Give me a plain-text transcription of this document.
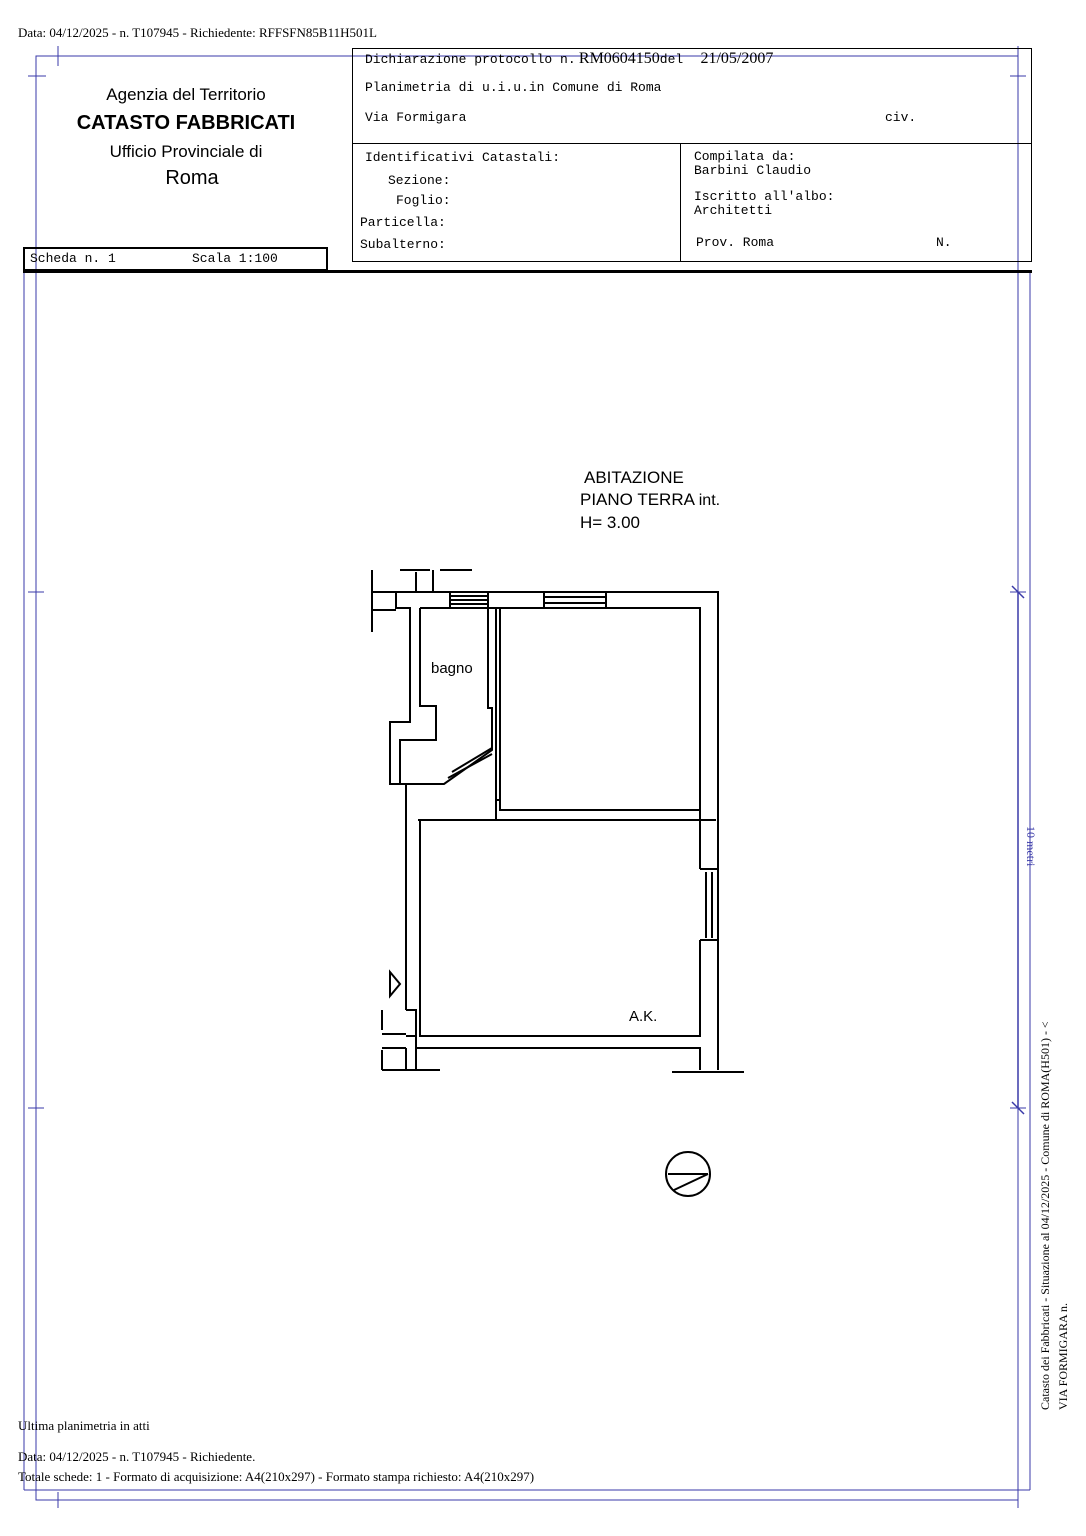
Data: 04/12/2025 - n. T107945 - Richiedente: RFFSFN85B11H501L
Agenzia del Territorio
CATASTO FABBRICATI
Ufficio Provinciale di
Roma
Scheda n. 1	Scala 1:100
Dichiarazione protocollo n. RM0604150del 21/05/2007
Planimetria di u.i.u.in Comune di Roma
Via Formigara	civ.
Identificativi Catastali:
Sezione:
Foglio:
Particella:
Subalterno:
Compilata da:
Barbini Claudio
Iscritto all'albo:
Architetti
Prov. Roma	N.
ABITAZIONE
PIANO TERRA int.
H= 3.00
bagno
A.K.
10 metri
Catasto dei Fabbricati - Situazione al 04/12/2025 - Comune di ROMA(H501) - < VIA FORMIGARA n.
Ultima planimetria in atti
Data: 04/12/2025 - n. T107945 - Richiedente.
Totale schede: 1 - Formato di acquisizione: A4(210x297) - Formato stampa richiesto: A4(210x297)
